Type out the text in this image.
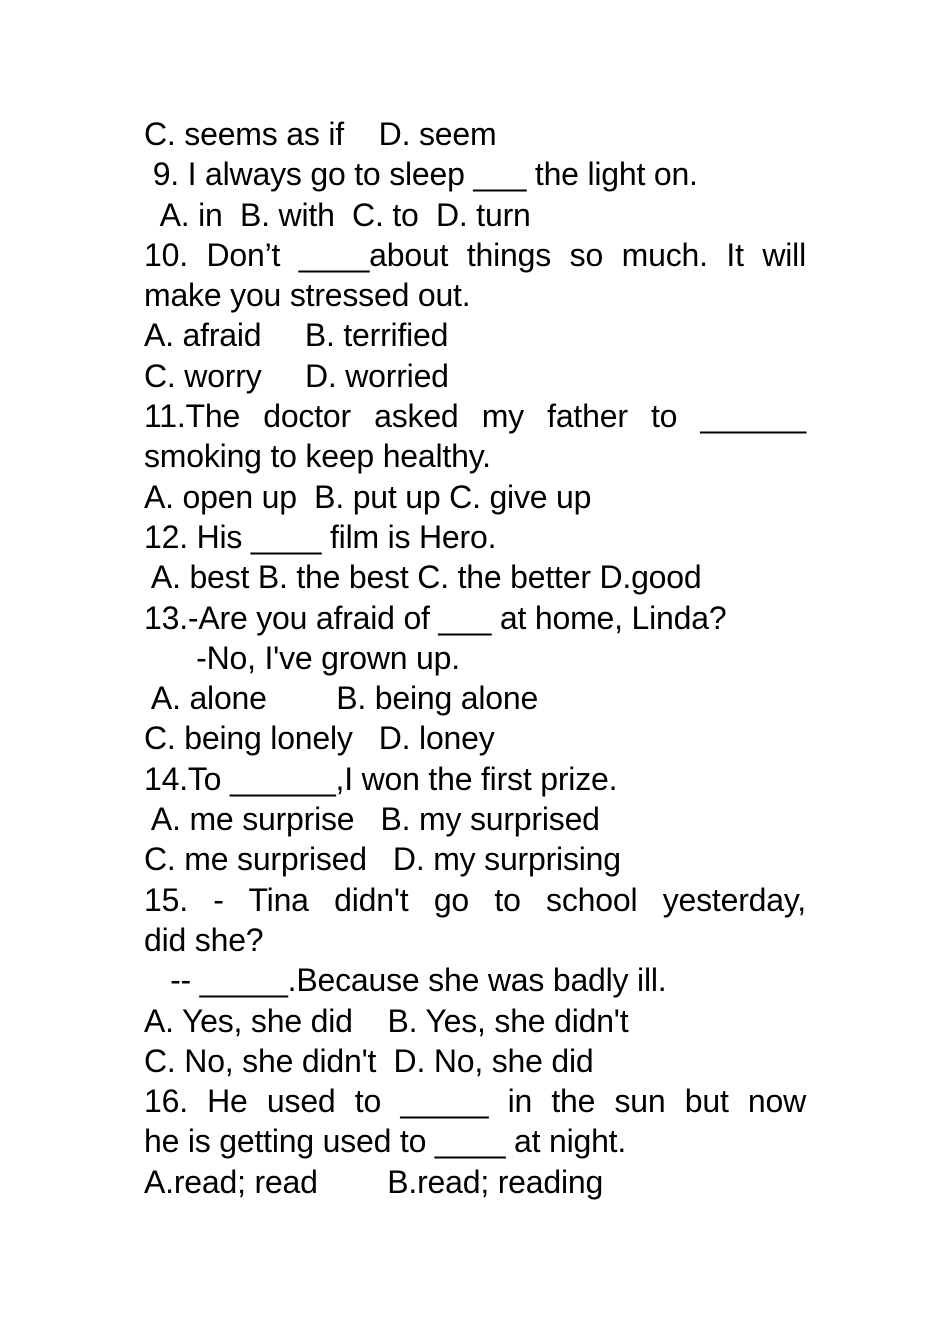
C. seems as if    D. seem
9. I always go to sleep ___ the light on.
A. in  B. with  C. to  D. turn
10. Don’t ____about things so much. It will
make you stressed out.
A. afraid     B. terrified
C. worry     D. worried
11.The doctor asked my father to ______
smoking to keep healthy.
A. open up  B. put up C. give up
12. His ____ film is Hero.
A. best B. the best C. the better D.good
13.-Are you afraid of ___ at home, Linda?
-No, I've grown up.
A. alone        B. being alone
C. being lonely   D. loney
14.To ______,I won the first prize.
A. me surprise   B. my surprised
C. me surprised   D. my surprising
15. - Tina didn't go to school yesterday,
did she?
-- _____.Because she was badly ill.
A. Yes, she did    B. Yes, she didn't
C. No, she didn't  D. No, she did
16. He used to _____ in the sun but now
he is getting used to ____ at night.
A.read; read        B.read; reading
